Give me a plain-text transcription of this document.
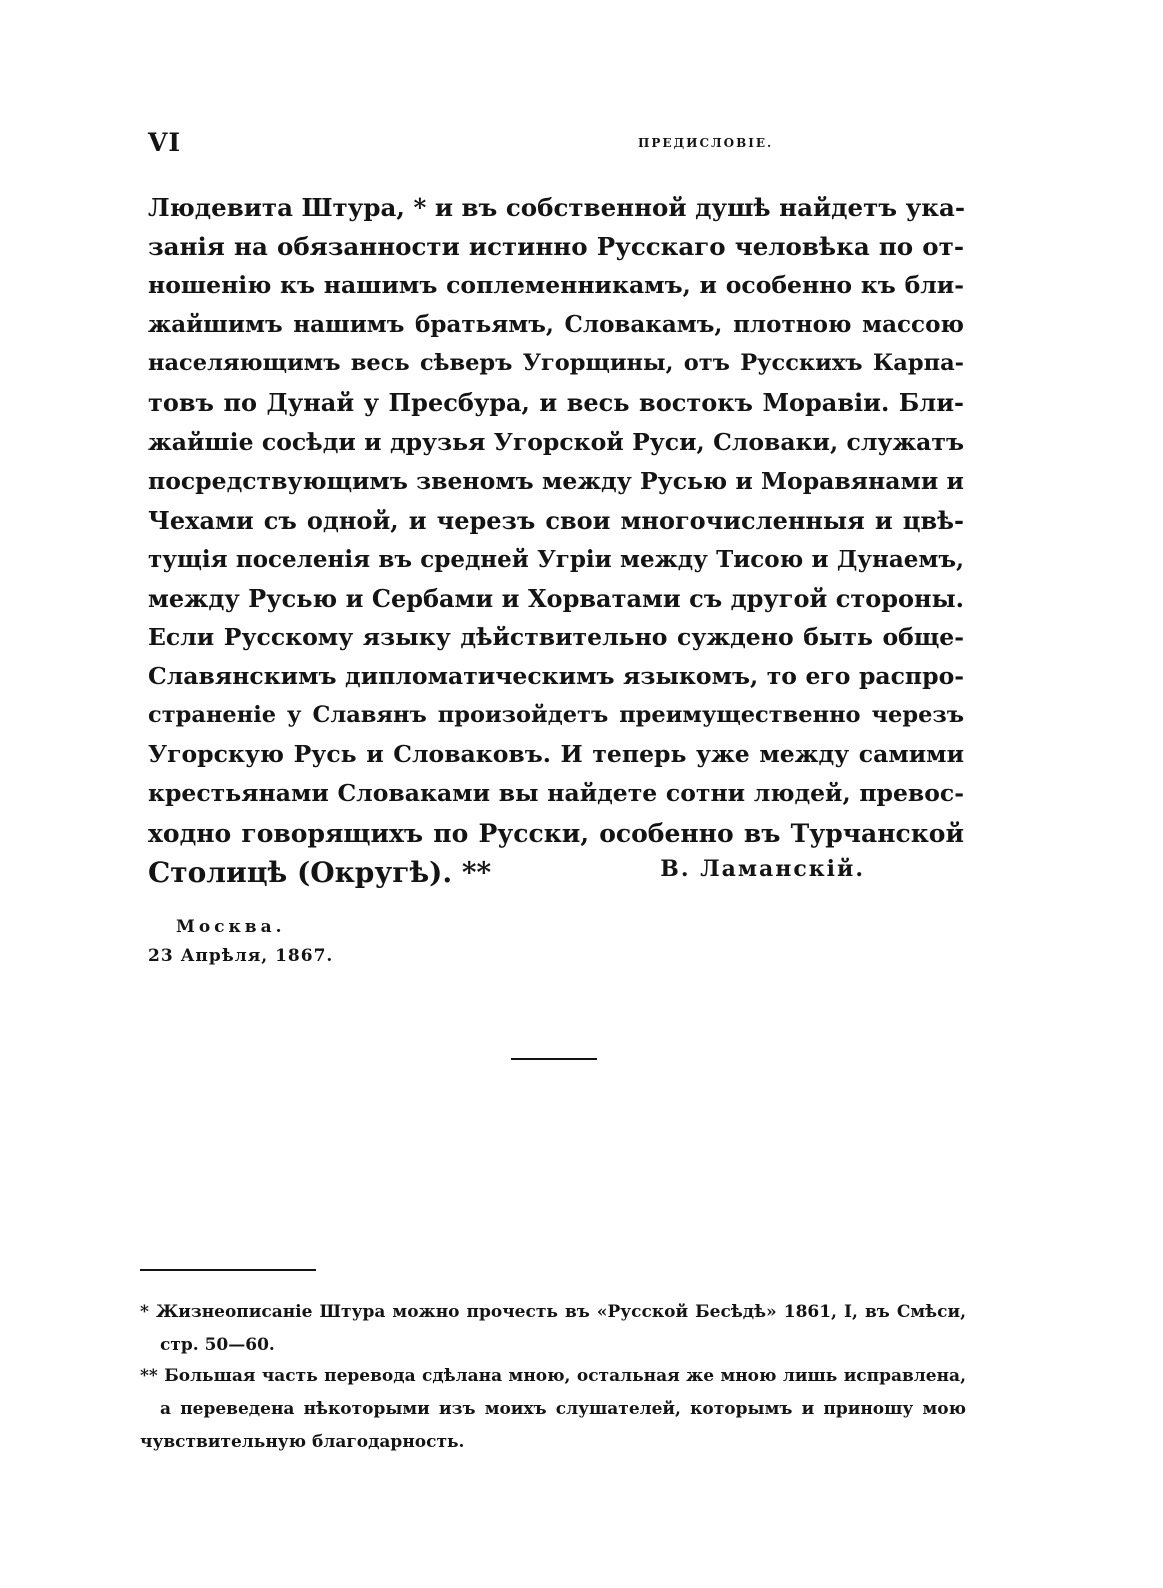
VI	ПРЕДИСЛОВІЕ.
Людевита Штура, * и въ собственной душѣ найдетъ ука-
занія на обязанности истинно Русскаго человѣка по от-
ношенію къ нашимъ соплеменникамъ, и особенно къ бли-
жайшимъ нашимъ братьямъ, Словакамъ, плотною массою
населяющимъ весь сѣверъ Угорщины, отъ Русскихъ Карпа-
товъ по Дунай у Пресбура, и весь востокъ Моравіи. Бли-
жайшіе сосѣди и друзья Угорской Руси, Словаки, служатъ
посредствующимъ звеномъ между Русью и Моравянами и
Чехами съ одной, и черезъ свои многочисленныя и цвѣ-
тущія поселенія въ средней Угріи между Тисою и Дунаемъ,
между Русью и Сербами и Хорватами съ другой стороны.
Если Русскому языку дѣйствительно суждено быть обще-
Славянскимъ дипломатическимъ языкомъ, то его распро-
страненіе у Славянъ произойдетъ преимущественно черезъ
Угорскую Русь и Словаковъ. И теперь уже между самими
крестьянами Словаками вы найдете сотни людей, превос-
ходно говорящихъ по Русски, особенно въ Турчанской
Столицѣ (Округѣ). **	В. Ламанскій.
Москва.
23 Апрѣля, 1867.
* Жизнеописаніе Штура можно прочесть въ «Русской Бесѣдѣ» 1861, I, въ Смѣси,
стр. 50—60.
** Большая часть перевода сдѣлана мною, остальная же мною лишь исправлена,
а переведена нѣкоторыми изъ моихъ слушателей, которымъ и приношу мою
чувствительную благодарность.
